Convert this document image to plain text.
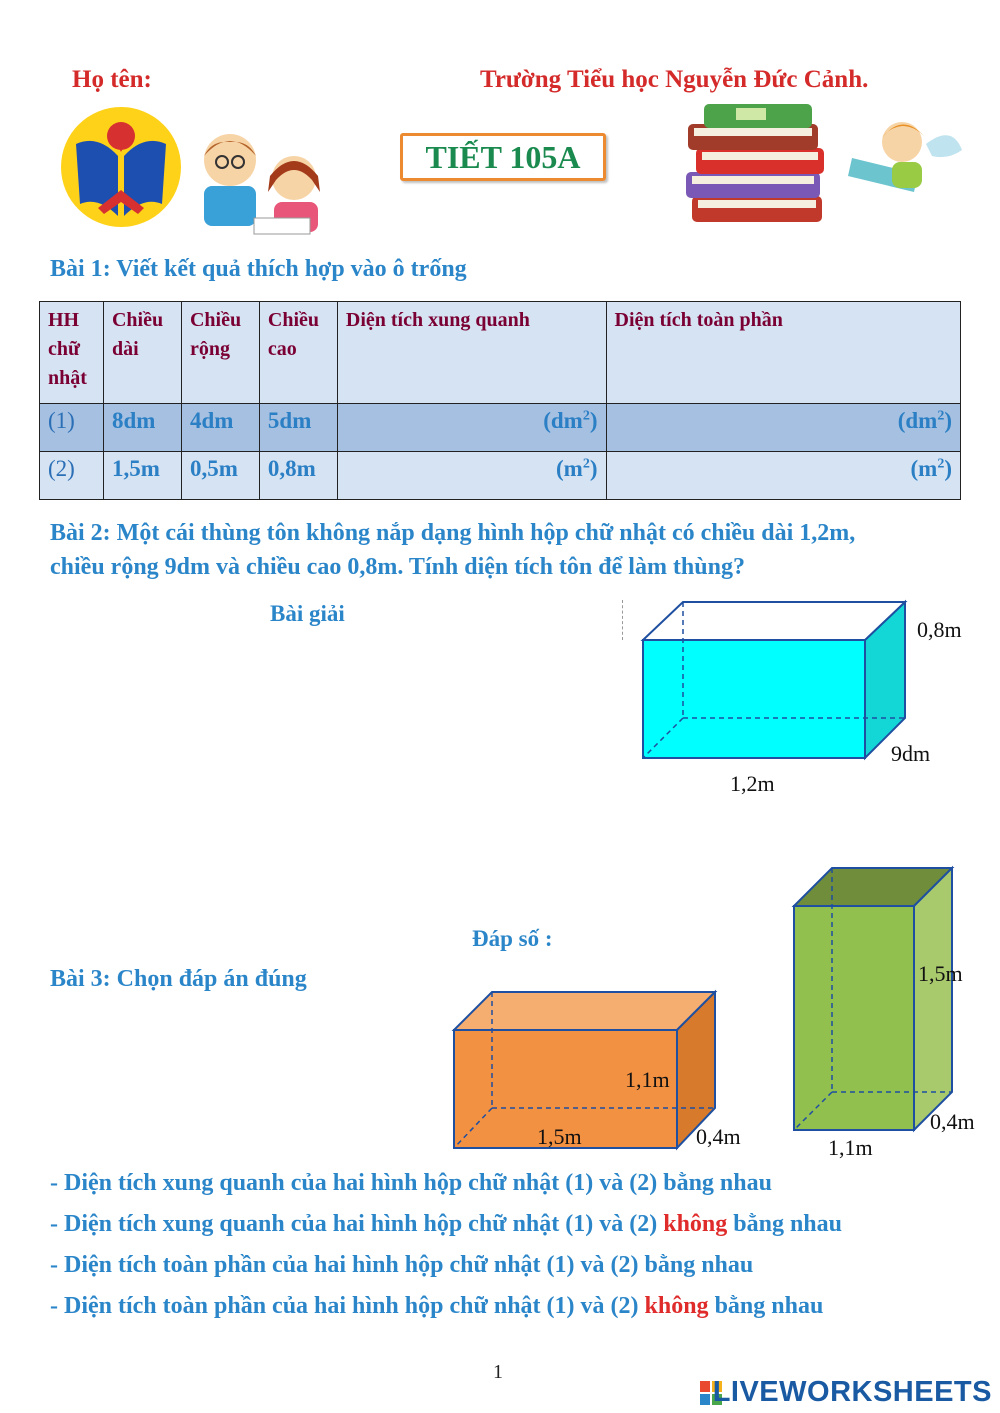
Họ tên:	Trường Tiểu học Nguyễn Đức Cảnh.
TIẾT 105A
Bài 1: Viết kết quả thích hợp vào ô trống
HH chữ nhật	Chiều dài	Chiều rộng	Chiều cao	Diện tích xung quanh	Diện tích toàn phần
(1)	8dm	4dm	5dm	$(dm^2)$	$(dm^2)$
(2)	1,5m	0,5m	0,8m	$(m^2)$	$(m^2)$
Bài 2: Một cái thùng tôn không nắp dạng hình hộp chữ nhật có chiều dài 1,2m,
chiều rộng 9dm và chiều cao 0,8m. Tính diện tích tôn để làm thùng?
Bài giải
0,8m
9dm
1,2m
Đáp số :
Bài 3: Chọn đáp án đúng
1,1m
1,5m	0,4m
1,5m
0,4m
1,1m
- Diện tích xung quanh của hai hình hộp chữ nhật (1) và (2) bằng nhau
- Diện tích xung quanh của hai hình hộp chữ nhật (1) và (2) không bằng nhau
- Diện tích toàn phần của hai hình hộp chữ nhật (1) và (2) bằng nhau
- Diện tích toàn phần của hai hình hộp chữ nhật (1) và (2) không bằng nhau
1
LIVEWORKSHEETS
